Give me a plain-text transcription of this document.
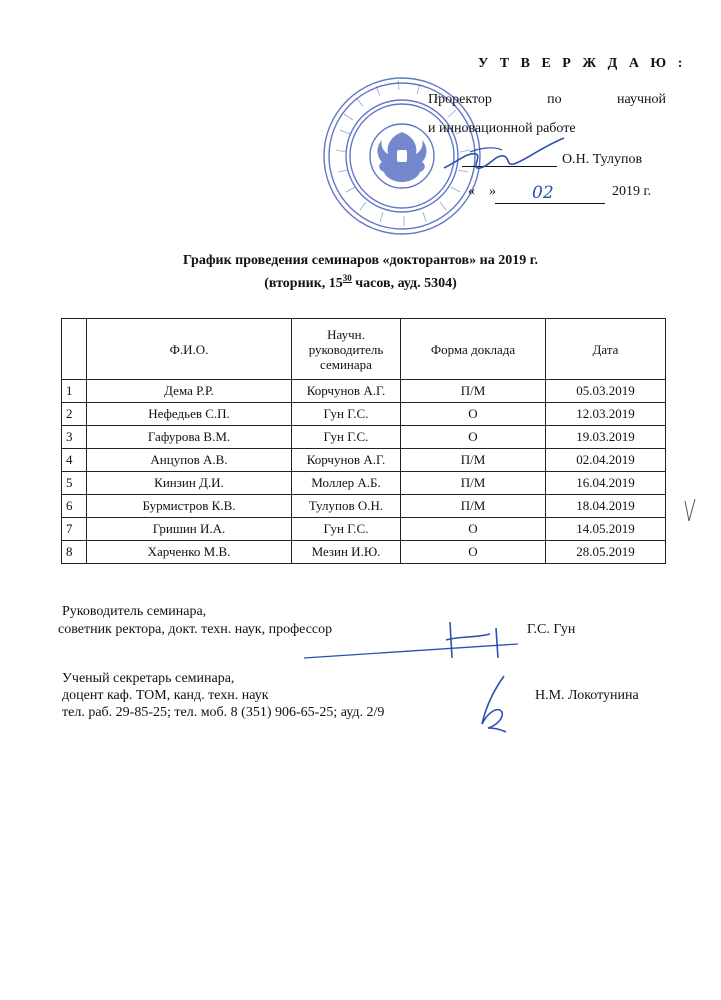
У Т В Е Р Ж Д А Ю :
Проректор по научной
и инновационной работе
О.Н. Тулупов
« » 02	2019 г.
График проведения семинаров «докторантов» на 2019 г.
(вторник, $15^{30}$ часов, ауд. 5304)
	Ф.И.О.	Научн. руководитель семинара	Форма доклада	Дата
1	Дема Р.Р.	Корчунов А.Г.	П/М	05.03.2019
2	Нефедьев С.П.	Гун Г.С.	О	12.03.2019
3	Гафурова В.М.	Гун Г.С.	О	19.03.2019
4	Анцупов А.В.	Корчунов А.Г.	П/М	02.04.2019
5	Кинзин Д.И.	Моллер А.Б.	П/М	16.04.2019
6	Бурмистров К.В.	Тулупов О.Н.	П/М	18.04.2019
7	Гришин И.А.	Гун Г.С.	О	14.05.2019
8	Харченко М.В.	Мезин И.Ю.	О	28.05.2019
Руководитель семинара,
советник ректора, докт. техн. наук, профессор	Г.С. Гун
Ученый секретарь семинара,
доцент каф. ТОМ, канд. техн. наук
тел. раб. 29-85-25; тел. моб. 8 (351) 906-65-25; ауд. 2/9
Н.М. Локотунина
